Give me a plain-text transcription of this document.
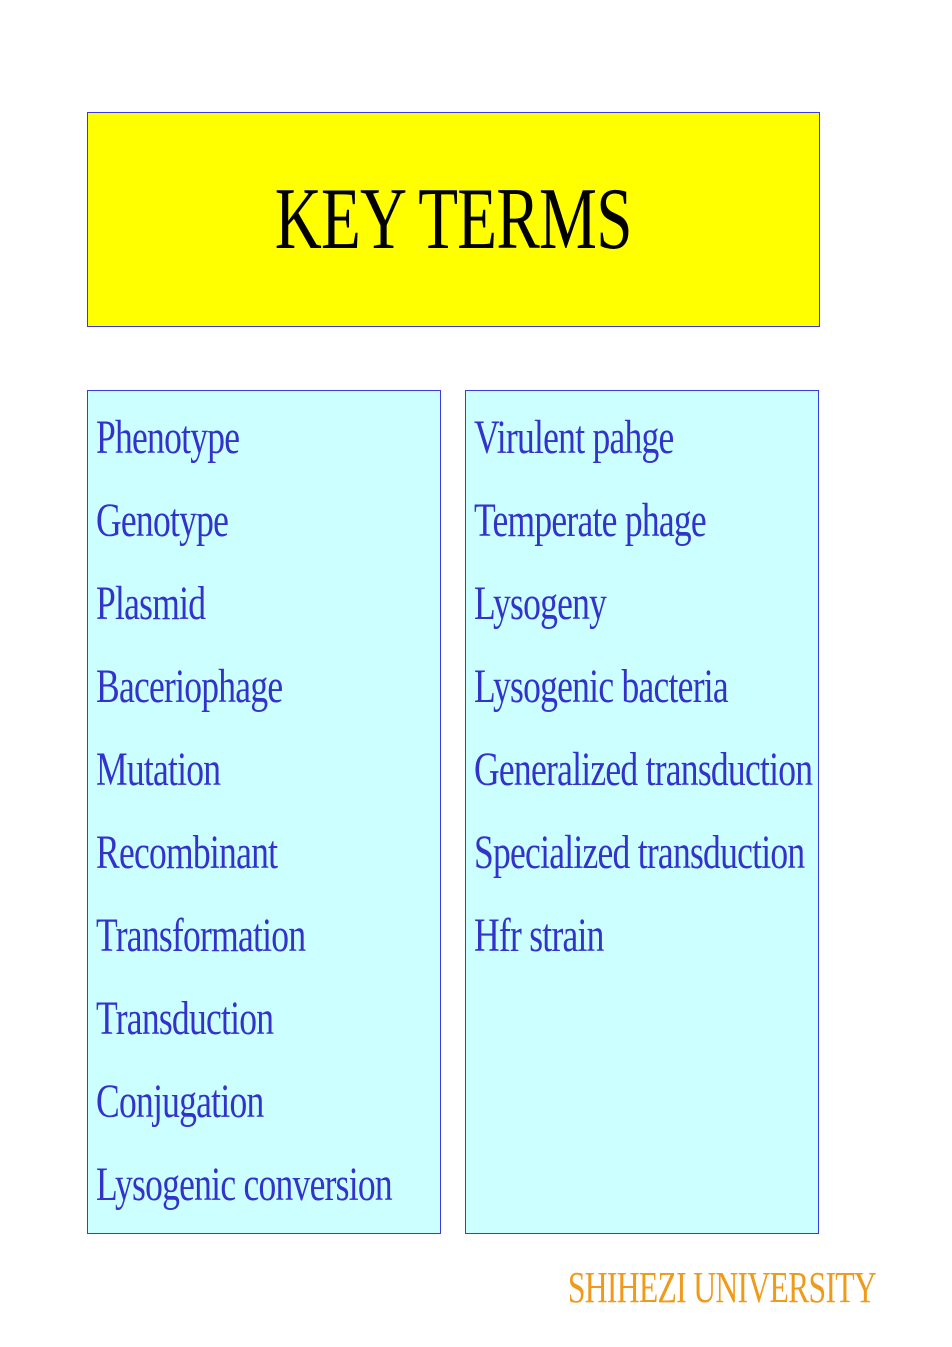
KEY TERMS
Phenotype
Genotype
Plasmid
Baceriophage
Mutation
Recombinant
Transformation
Transduction
Conjugation
Lysogenic conversion
Virulent pahge
Temperate phage
Lysogeny
Lysogenic bacteria
Generalized transduction
Specialized transduction
Hfr strain
SHIHEZI UNIVERSITY
